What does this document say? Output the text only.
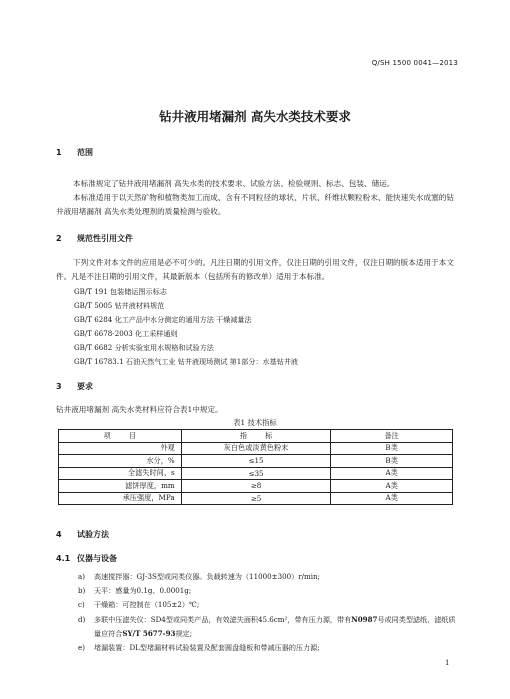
Q/SH 1500 0041—2013
钻井液用堵漏剂 高失水类技术要求
1 范围
本标准规定了钻井液用堵漏剂 高失水类的技术要求、试验方法、检验规则、标志、包装、储运。
本标准适用于以天然矿物和植物类加工而成、含有不同粒径的球状、片状、纤维状颗粒粉末、能快速失水成塞的钻井液用堵漏剂 高失水类处理剂的质量检测与验收。
2 规范性引用文件
下列文件对本文件的应用是必不可少的。凡注日期的引用文件，仅注日期的引用文件，仅注日期的版本适用于本文件。凡是不注日期的引用文件，其最新版本（包括所有的修改单）适用于本标准。
GB/T 191 包装储运图示标志
GB/T 5005 钻井液材料规范
GB/T 6284 化工产品中水分测定的通用方法 干燥减量法
GB/T 6678-2003 化工采样通则
GB/T 6682 分析实验室用水规格和试验方法
GB/T 16783.1 石油天然气工业 钻井液现场测试 第1部分：水基钻井液
3 要求
钻井液用堵漏剂 高失水类材料应符合表1中规定。
表1 技术指标
项        目	指        标	备注
外观	灰白色或淡黄色粉末	B类
水分，%	≤15	B类
全滤失时间，s	≤35	A类
滤饼厚度，mm	≥8	A类
承压强度，MPa	≥5	A类
4 试验方法
4.1 仪器与设备
a) 高速搅拌器：GJ-3S型或同类仪器。负载转速为（11000±300）r/min;
b) 天平：感量为0.1g、0.0001g;
c) 干燥箱：可控制在（105±2）℃;
d) 多联中压滤失仪：SD4型或同类产品，有效滤失面积45.6cm²，带有压力源，带有N0987号或同类型滤纸，滤纸质量应符合SY/T 5677-93规定;
e) 堵漏装置：DL型堵漏材料试验装置及配套圆盘缝板和带减压器的压力源;
1
